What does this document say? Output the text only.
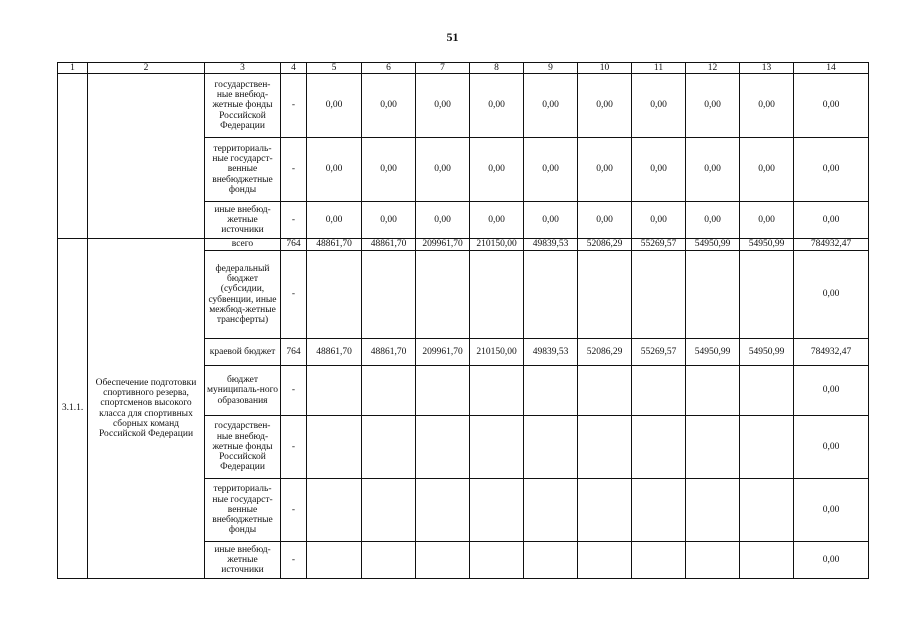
51
1	2	3	4	5	6	7	8	9	10	11	12	13	14
		государствен-ные внебюд-жетные фонды Российской Федерации	-	0,00	0,00	0,00	0,00	0,00	0,00	0,00	0,00	0,00	0,00
		территориаль-ные государст-венные внебюджетные фонды	-	0,00	0,00	0,00	0,00	0,00	0,00	0,00	0,00	0,00	0,00
		иные внебюд-жетные источники	-	0,00	0,00	0,00	0,00	0,00	0,00	0,00	0,00	0,00	0,00
3.1.1.	Обеспечение подготовки спортивного резерва, спортсменов высокого класса для спортивных сборных команд Российской Федерации	всего	764	48861,70	48861,70	209961,70	210150,00	49839,53	52086,29	55269,57	54950,99	54950,99	784932,47
		федеральный бюджет (субсидии, субвенции, иные межбюд-жетные трансферты)	-										0,00
		краевой бюджет	764	48861,70	48861,70	209961,70	210150,00	49839,53	52086,29	55269,57	54950,99	54950,99	784932,47
		бюджет муниципаль-ного образования	-										0,00
		государствен-ные внебюд-жетные фонды Российской Федерации	-										0,00
		территориаль-ные государст-венные внебюджетные фонды	-										0,00
		иные внебюд-жетные источники	-										0,00
